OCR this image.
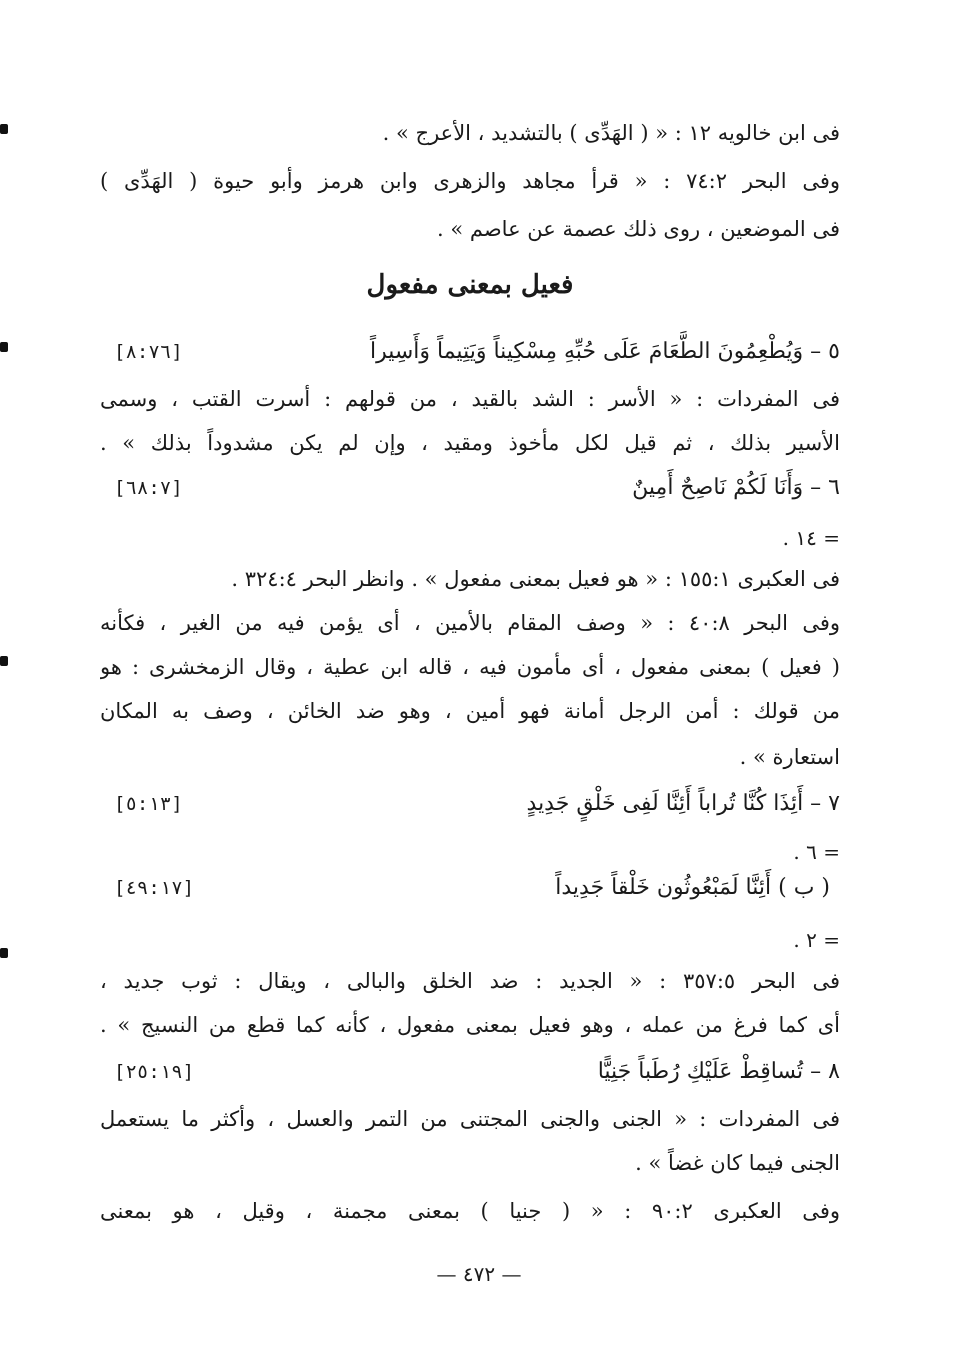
فى ابن خالويه ١٢ : « ( الهَدِّى ) بالتشديد ، الأعرج » .
وفى البحر ٧٤:٢ : « قرأ مجاهد والزهرى وابن هرمز وأبو حيوة ( الهَدِّى )
فى الموضعين ، روى ذلك عصمة عن عاصم » .
فعيل بمعنى مفعول
٥ – وَيُطْعِمُونَ الطَّعَامَ عَلَى حُبِّهِ مِسْكِيناً وَيَتِيماً وَأَسِيراً
[٨:٧٦]
فى المفردات : « الأسر : الشد بالقيد ، من قولهم : أسرت القتب ، وسمى
الأسير بذلك ، ثم قيل لكل مأخوذ ومقيد ، وإن لم يكن مشدوداً بذلك » .
٦ – وَأَنَا لَكُمْ نَاصِحٌ أَمِينٌ
[٦٨:٧]
= ١٤ .
فى العكبرى ١٥٥:١ : « هو فعيل بمعنى مفعول » . وانظر البحر ٣٢٤:٤ .
وفى البحر ٤٠:٨ : « وصف المقام بالأمين ، أى يؤمن فيه من الغير ، فكأنه
( فعيل ) بمعنى مفعول ، أى مأمون فيه ، قاله ابن عطية ، وقال الزمخشرى : هو
من قولك : أمن الرجل أمانة فهو أمين ، وهو ضد الخائن ، وصف به المكان
استعارة » .
٧ – أَئِذَا كُنَّا تُراباً أَئِنَّا لَفِى خَلْقٍ جَدِيدٍ
[٥:١٣]
= ٦ .
( ب ) أَئِنَّا لَمَبْعُوثُون خَلْقاً جَدِيداً
[٤٩:١٧]
= ٢ .
فى البحر ٣٥٧:٥ : « الجديد : ضد الخلق والبالى ، ويقال : ثوب جديد ،
أى كما فرغ من عمله ، وهو فعيل بمعنى مفعول ، كأنه كما قطع من النسيج » .
٨ – تُساقِطْ عَلَيْكِ رُطَباً جَنِيًّا
[٢٥:١٩]
فى المفردات : « الجنى والجنى المجتنى من التمر والعسل ، وأكثر ما يستعمل
الجنى فيما كان غضاً » .
وفى العكبرى ٩٠:٢ : « ( جنيا ) بمعنى مجمنة ، وقيل ، هو بمعنى
— ٤٧٢ —
